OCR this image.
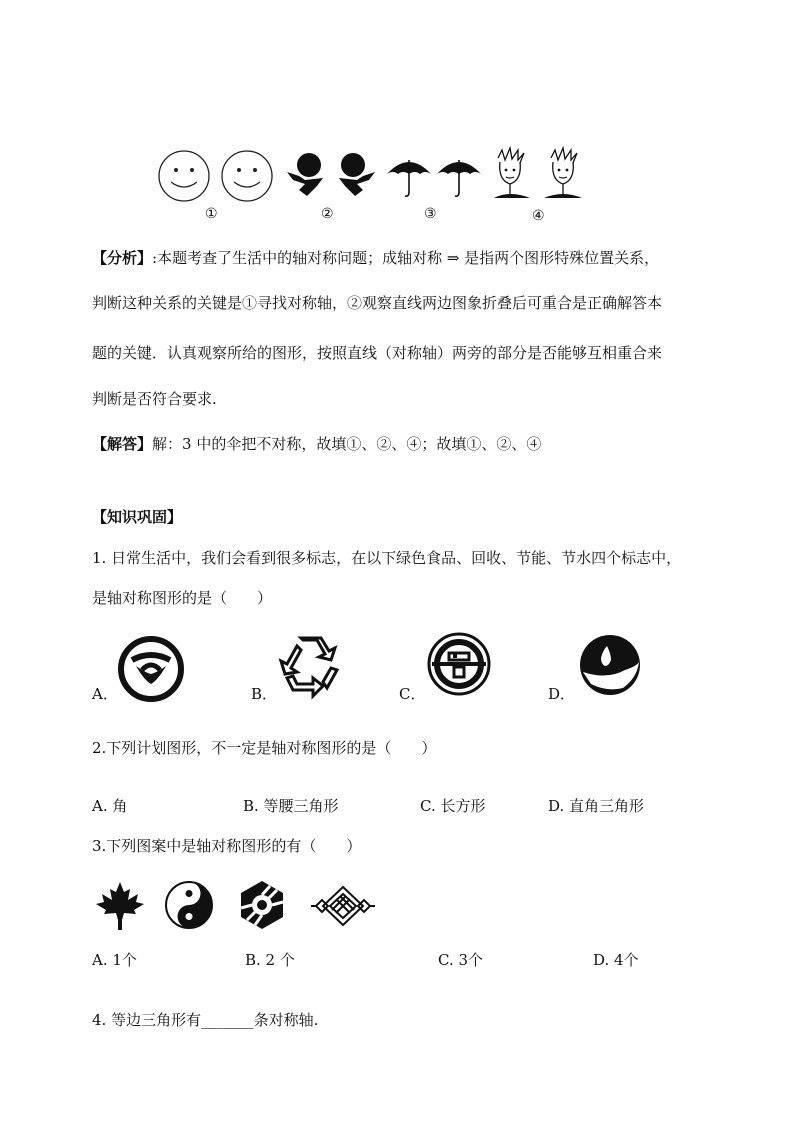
①	②	③	④
【分析】:本题考查了生活中的轴对称问题；成轴对称 ⇒ 是指两个图形特殊位置关系，
判断这种关系的关键是①寻找对称轴，②观察直线两边图象折叠后可重合是正确解答本
题的关键．认真观察所给的图形，按照直线（对称轴）两旁的部分是否能够互相重合来
判断是否符合要求.
【解答】解：3 中的伞把不对称，故填①、②、④；故填①、②、④
【知识巩固】
1. 日常生活中，我们会看到很多标志，在以下绿色食品、回收、节能、节水四个标志中，
是轴对称图形的是（　　）
A．	B．	C．	D．
2.下列计划图形，不一定是轴对称图形的是（　　）
A. 角	B. 等腰三角形	C. 长方形	D. 直角三角形
3.下列图案中是轴对称图形的有（　　）
A. 1个	B. 2 个	C. 3个	D. 4个
4. 等边三角形有_______条对称轴.
